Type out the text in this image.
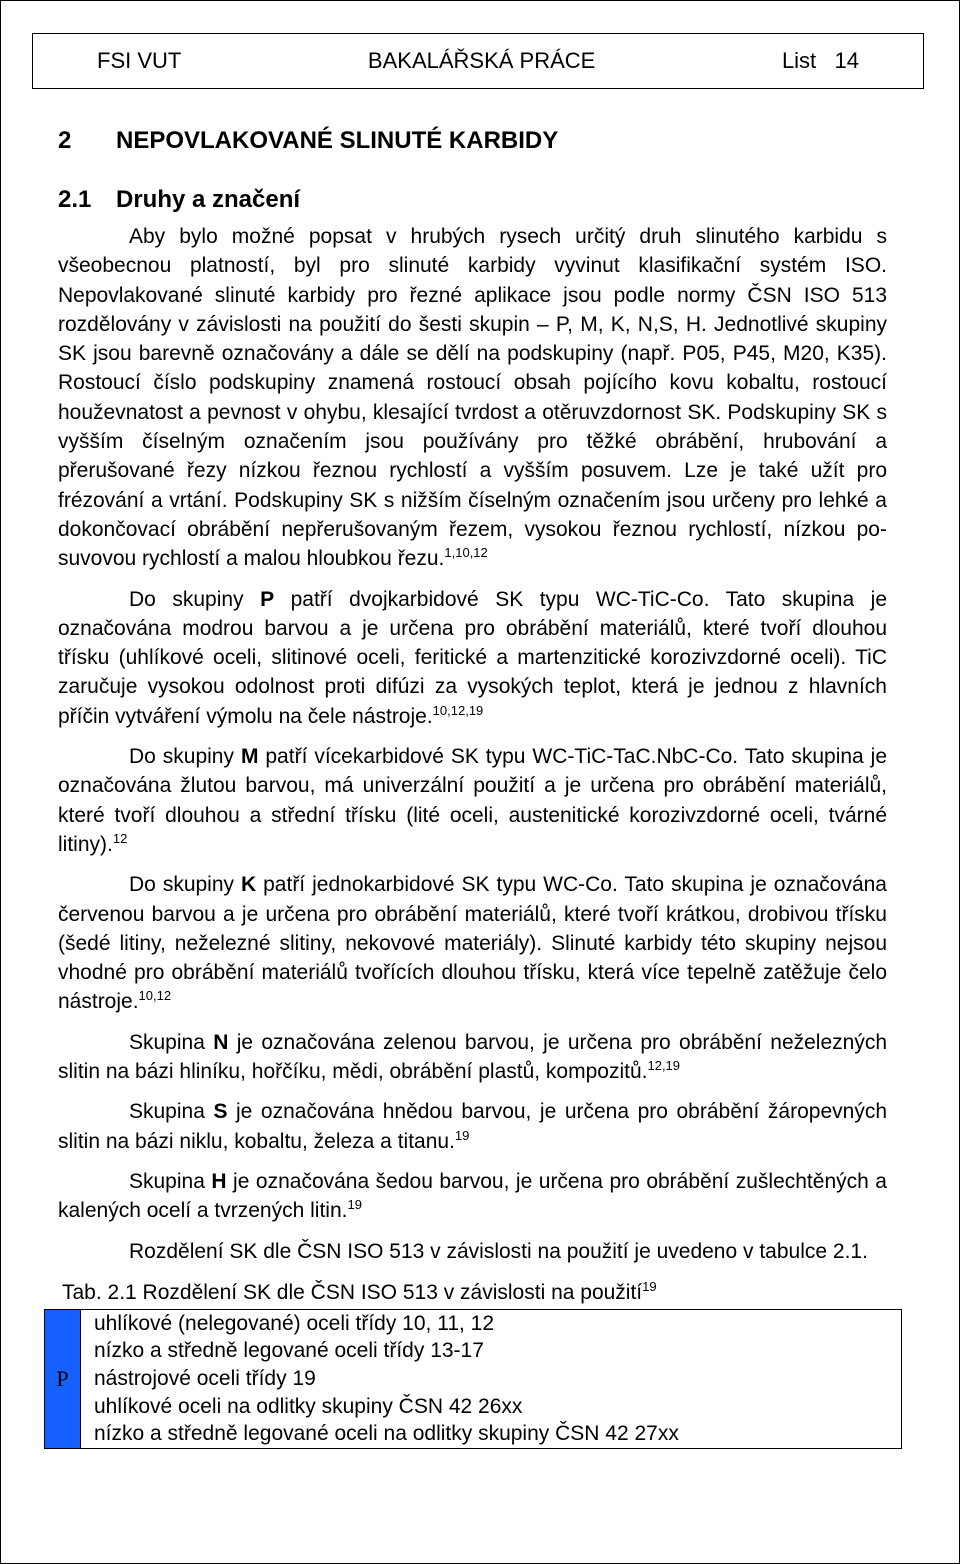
FSI VUT	BAKALÁŘSKÁ PRÁCE	List   14
2 NEPOVLAKOVANÉ SLINUTÉ KARBIDY
2.1 Druhy a značení

Aby bylo možné popsat v hrubých rysech určitý druh slinutého karbidu s všeobecnou platností, byl pro slinuté karbidy vyvinut klasifikační systém ISO. Nepovlakované slinuté karbidy pro řezné aplikace jsou podle normy ČSN ISO 513 rozdělovány v závislosti na použití do šesti skupin – P, M, K, N,S, H. Jednotlivé skupiny SK jsou barevně označovány a dále se dělí na podskupiny (např. P05, P45, M20, K35). Rostoucí číslo podskupiny znamená rostoucí obsah pojícího kovu kobaltu, rostoucí houževnatost a pevnost v ohybu, klesající tvrdost a otěruvzdornost SK. Podskupiny SK s vyšším číselným označením jsou používány pro těžké obrábění, hrubování a přerušované řezy nízkou řeznou rychlostí a vyšším posuvem. Lze je také užít pro frézování a vrtání. Podskupiny SK s nižším číselným označením jsou určeny pro lehké a dokončovací obrábění nepřerušovaným řezem, vysokou řeznou rychlostí, nízkou posuvovou rychlostí a malou hloubkou řezu.$^{1,10,12}$

Do skupiny P patří dvojkarbidové SK typu WC-TiC-Co. Tato skupina je označována modrou barvou a je určena pro obrábění materiálů, které tvoří dlouhou třísku (uhlíkové oceli, slitinové oceli, feritické a martenzitické korozivzdorné oceli). TiC zaručuje vysokou odolnost proti difúzi za vysokých teplot, která je jednou z hlavních příčin vytváření výmolu na čele nástroje.$^{10,12,19}$

Do skupiny M patří vícekarbidové SK typu WC-TiC-TaC.NbC-Co. Tato skupina je označována žlutou barvou, má univerzální použití a je určena pro obrábění materiálů, které tvoří dlouhou a střední třísku (lité oceli, austenitické korozivzdorné oceli, tvárné litiny).$^{12}$

Do skupiny K patří jednokarbidové SK typu WC-Co. Tato skupina je označována červenou barvou a je určena pro obrábění materiálů, které tvoří krátkou, drobivou třísku (šedé litiny, neželezné slitiny, nekovové materiály). Slinuté karbidy této skupiny nejsou vhodné pro obrábění materiálů tvořících dlouhou třísku, která více tepelně zatěžuje čelo nástroje.$^{10,12}$

Skupina N je označována zelenou barvou, je určena pro obrábění neželezných slitin na bázi hliníku, hořčíku, mědi, obrábění plastů, kompozitů.$^{12,19}$

Skupina S je označována hnědou barvou, je určena pro obrábění žáropevných slitin na bázi niklu, kobaltu, železa a titanu.$^{19}$

Skupina H je označována šedou barvou, je určena pro obrábění zušlechtěných a kalených ocelí a tvrzených litin.$^{19}$

Rozdělení SK dle ČSN ISO 513 v závislosti na použití je uvedeno v tabulce 2.1.

Tab. 2.1 Rozdělení SK dle ČSN ISO 513 v závislosti na použití$^{19}$
P
uhlíkové (nelegované) oceli třídy 10, 11, 12
nízko a středně legované oceli třídy 13-17
nástrojové oceli třídy 19
uhlíkové oceli na odlitky skupiny ČSN 42 26xx
nízko a středně legované oceli na odlitky skupiny ČSN 42 27xx
